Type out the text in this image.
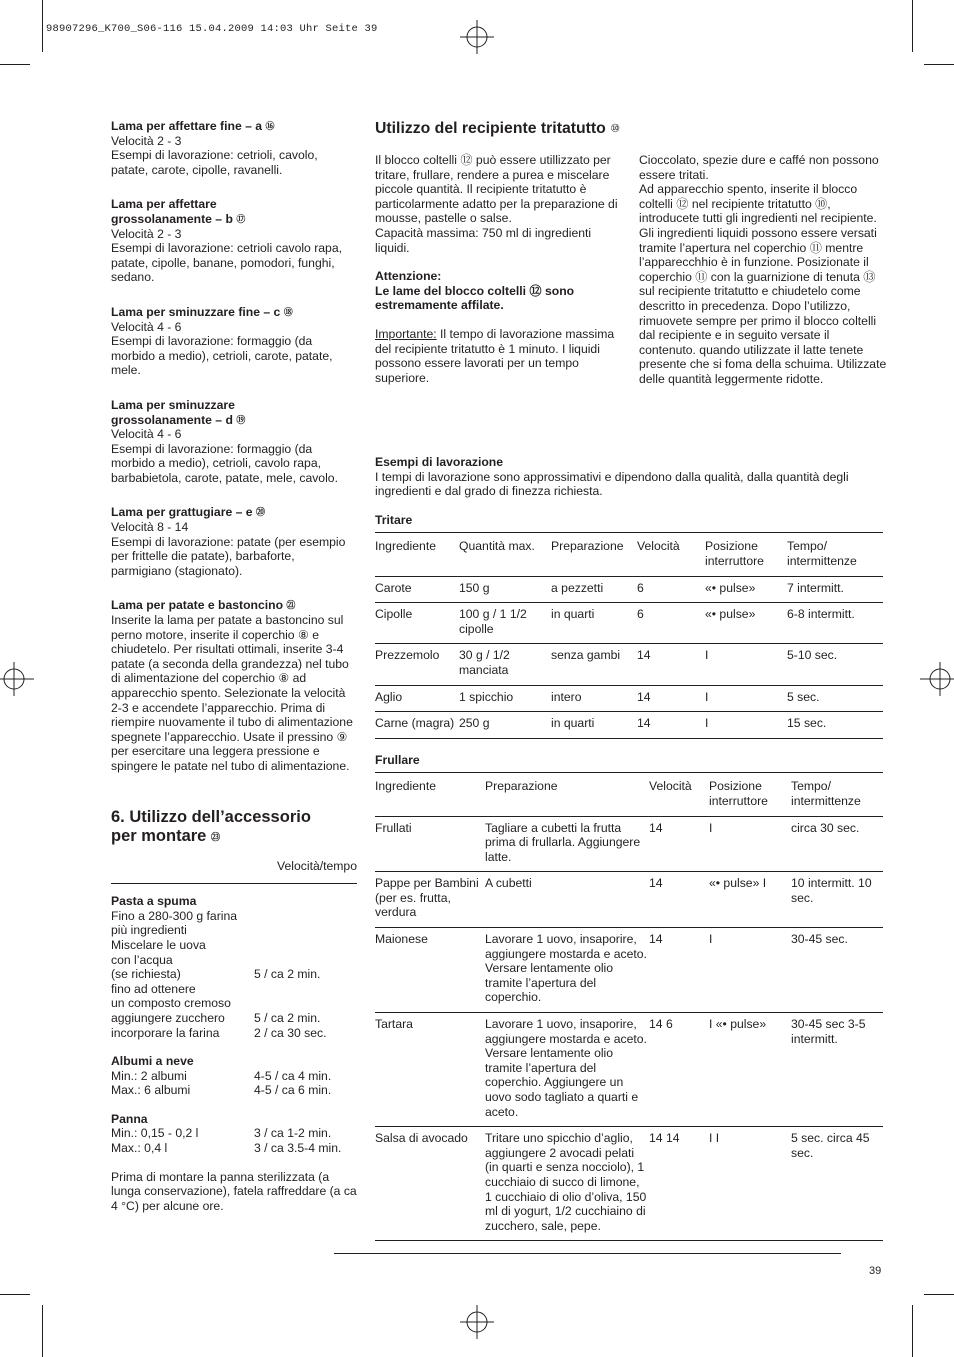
98907296_K700_S06-116 15.04.2009 14:03 Uhr Seite 39
Lama per affettare fine – a ⑯
Velocità 2 - 3
Esempi di lavorazione: cetrioli, cavolo, patate, carote, cipolle, ravanelli.
Lama per affettare
grossolanamente – b ⑰
Velocità 2 - 3
Esempi di lavorazione: cetrioli cavolo rapa, patate, cipolle, banane, pomodori, funghi, sedano.
Lama per sminuzzare fine – c ⑱
Velocità 4 - 6
Esempi di lavorazione: formaggio (da morbido a medio), cetrioli, carote, patate, mele.
Lama per sminuzzare
grossolanamente – d ⑲
Velocità 4 - 6
Esempi di lavorazione: formaggio (da morbido a medio), cetrioli, cavolo rapa, barbabietola, carote, patate, mele, cavolo.
Lama per grattugiare – e ⑳
Velocità 8 - 14
Esempi di lavorazione: patate (per esempio per frittelle die patate), barbaforte, parmigiano (stagionato).
Lama per patate e bastoncino ㉑
Inserite la lama per patate a bastoncino sul perno motore, inserite il coperchio ⑧ e chiudetelo. Per risultati ottimali, inserite 3-4 patate (a seconda della grandezza) nel tubo di alimentazione del coperchio ⑧ ad apparecchio spento. Selezionate la velocità 2-3 e accendete l’apparecchio. Prima di riempire nuovamente il tubo di alimentazione spegnete l’apparecchio. Usate il pressino ⑨ per esercitare una leggera pressione e spingere le patate nel tubo di alimentazione.
6. Utilizzo dell’accessorio
per montare ㉓
Velocità/tempo
Pasta a spuma
Fino a 280-300 g farina
più ingredienti
Miscelare le uova
con l’acqua
(se richiesta)	5 / ca 2 min.
fino ad ottenere
un composto cremoso
aggiungere zucchero	5 / ca 2 min.
incorporare la farina	2 / ca 30 sec.
Albumi a neve
Min.: 2 albumi	4-5 / ca 4 min.
Max.: 6 albumi	4-5 / ca 6 min.
Panna
Min.: 0,15 - 0,2 l	3 / ca 1-2 min.
Max.: 0,4 l	3 / ca 3.5-4 min.
Prima di montare la panna sterilizzata (a lunga conservazione), fatela raffreddare (a ca 4 °C) per alcune ore.
Utilizzo del recipiente tritatutto ⑩
Il blocco coltelli ⑫ può essere utillizzato per tritare, frullare, rendere a purea e miscelare piccole quantità. Il recipiente tritatutto è particolarmente adatto per la preparazione di mousse, pastelle o salse.
Capacità massima: 750 ml di ingredienti liquidi.
Attenzione:
Le lame del blocco coltelli ⑫ sono estremamente affilate.
Importante: Il tempo di lavorazione massima del recipiente tritatutto è 1 minuto. I liquidi possono essere lavorati per un tempo superiore.
Cioccolato, spezie dure e caffé non possono essere tritati.
Ad apparecchio spento, inserite il blocco coltelli ⑫ nel recipiente tritatutto ⑩, introducete tutti gli ingredienti nel recipiente. Gli ingredienti liquidi possono essere versati tramite l’apertura nel coperchio ⑪ mentre l’apparecchhio è in funzione. Posizionate il coperchio ⑪ con la guarnizione di tenuta ⑬ sul recipiente tritatutto e chiudetelo come descritto in precedenza. Dopo l’utilizzo, rimuovete sempre per primo il blocco coltelli dal recipiente e in seguito versate il contenuto. quando utilizzate il latte tenete presente che si foma della schuima. Utilizzate delle quantità leggermente ridotte.
Esempi di lavorazione
I tempi di lavorazione sono approssimativi e dipendono dalla qualità, dalla quantità degli ingredienti e dal grado di finezza richiesta.
Tritare
Ingrediente	Quantità max.	Preparazione	Velocità	Posizione interruttore	Tempo/ intermittenze
Carote	150 g	a pezzetti	6	«• pulse»	7 intermitt.
Cipolle	100 g / 1 1/2 cipolle	in quarti	6	«• pulse»	6-8 intermitt.
Prezzemolo	30 g / 1/2 manciata	senza gambi	14	I	5-10 sec.
Aglio	1 spicchio	intero	14	I	5 sec.
Carne (magra)	250 g	in quarti	14	I	15 sec.
Frullare
Ingrediente	Preparazione	Velocità	Posizione interruttore	Tempo/ intermittenze
Frullati	Tagliare a cubetti la frutta prima di frullarla. Aggiungere latte.	14	I	circa 30 sec.
Pappe per Bambini (per es. frutta, verdura	A cubetti	14	«• pulse» I	10 intermitt. 10 sec.
Maionese	Lavorare 1 uovo, insaporire, aggiungere mostarda e aceto. Versare lentamente olio tramite l’apertura del coperchio.	14	I	30-45 sec.
Tartara	Lavorare 1 uovo, insaporire, aggiungere mostarda e aceto. Versare lentamente olio tramite l’apertura del coperchio. Aggiungere un uovo sodo tagliato a quarti e aceto.	14 6	I «• pulse»	30-45 sec 3-5 intermitt.
Salsa di avocado	Tritare uno spicchio d’aglio, aggiungere 2 avocadi pelati (in quarti e senza nocciolo), 1 cucchiaio di succo di limone, 1 cucchiaio di olio d’oliva, 150 ml di yogurt, 1/2 cucchiaino di zucchero, sale, pepe.	14 14	I I	5 sec. circa 45 sec.
39
